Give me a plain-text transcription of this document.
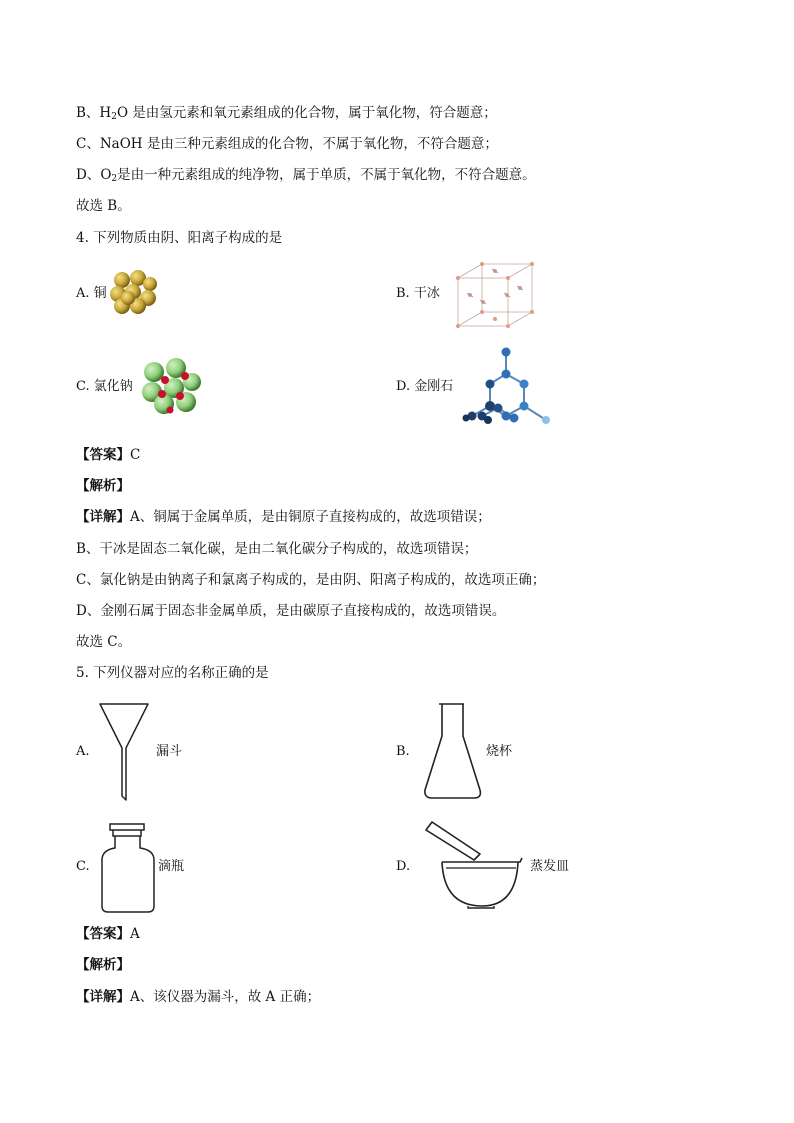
B、$H_2O$ 是由氢元素和氧元素组成的化合物，属于氧化物，符合题意；
C、NaOH 是由三种元素组成的化合物，不属于氧化物，不符合题意；
D、$O_2$是由一种元素组成的纯净物，属于单质，不属于氧化物，不符合题意。
故选 B。
4. 下列物质由阴、阳离子构成的是
A. 铜	B. 干冰
C. 氯化钠	D. 金刚石
【答案】C
【解析】
【详解】A、铜属于金属单质，是由铜原子直接构成的，故选项错误；
B、干冰是固态二氧化碳，是由二氧化碳分子构成的，故选项错误；
C、氯化钠是由钠离子和氯离子构成的，是由阴、阳离子构成的，故选项正确；
D、金刚石属于固态非金属单质，是由碳原子直接构成的，故选项错误。
故选 C。
5. 下列仪器对应的名称正确的是
A.	漏斗	B.	烧杯
C.	滴瓶	D.	蒸发皿
【答案】A
【解析】
【详解】A、该仪器为漏斗，故 A 正确；
